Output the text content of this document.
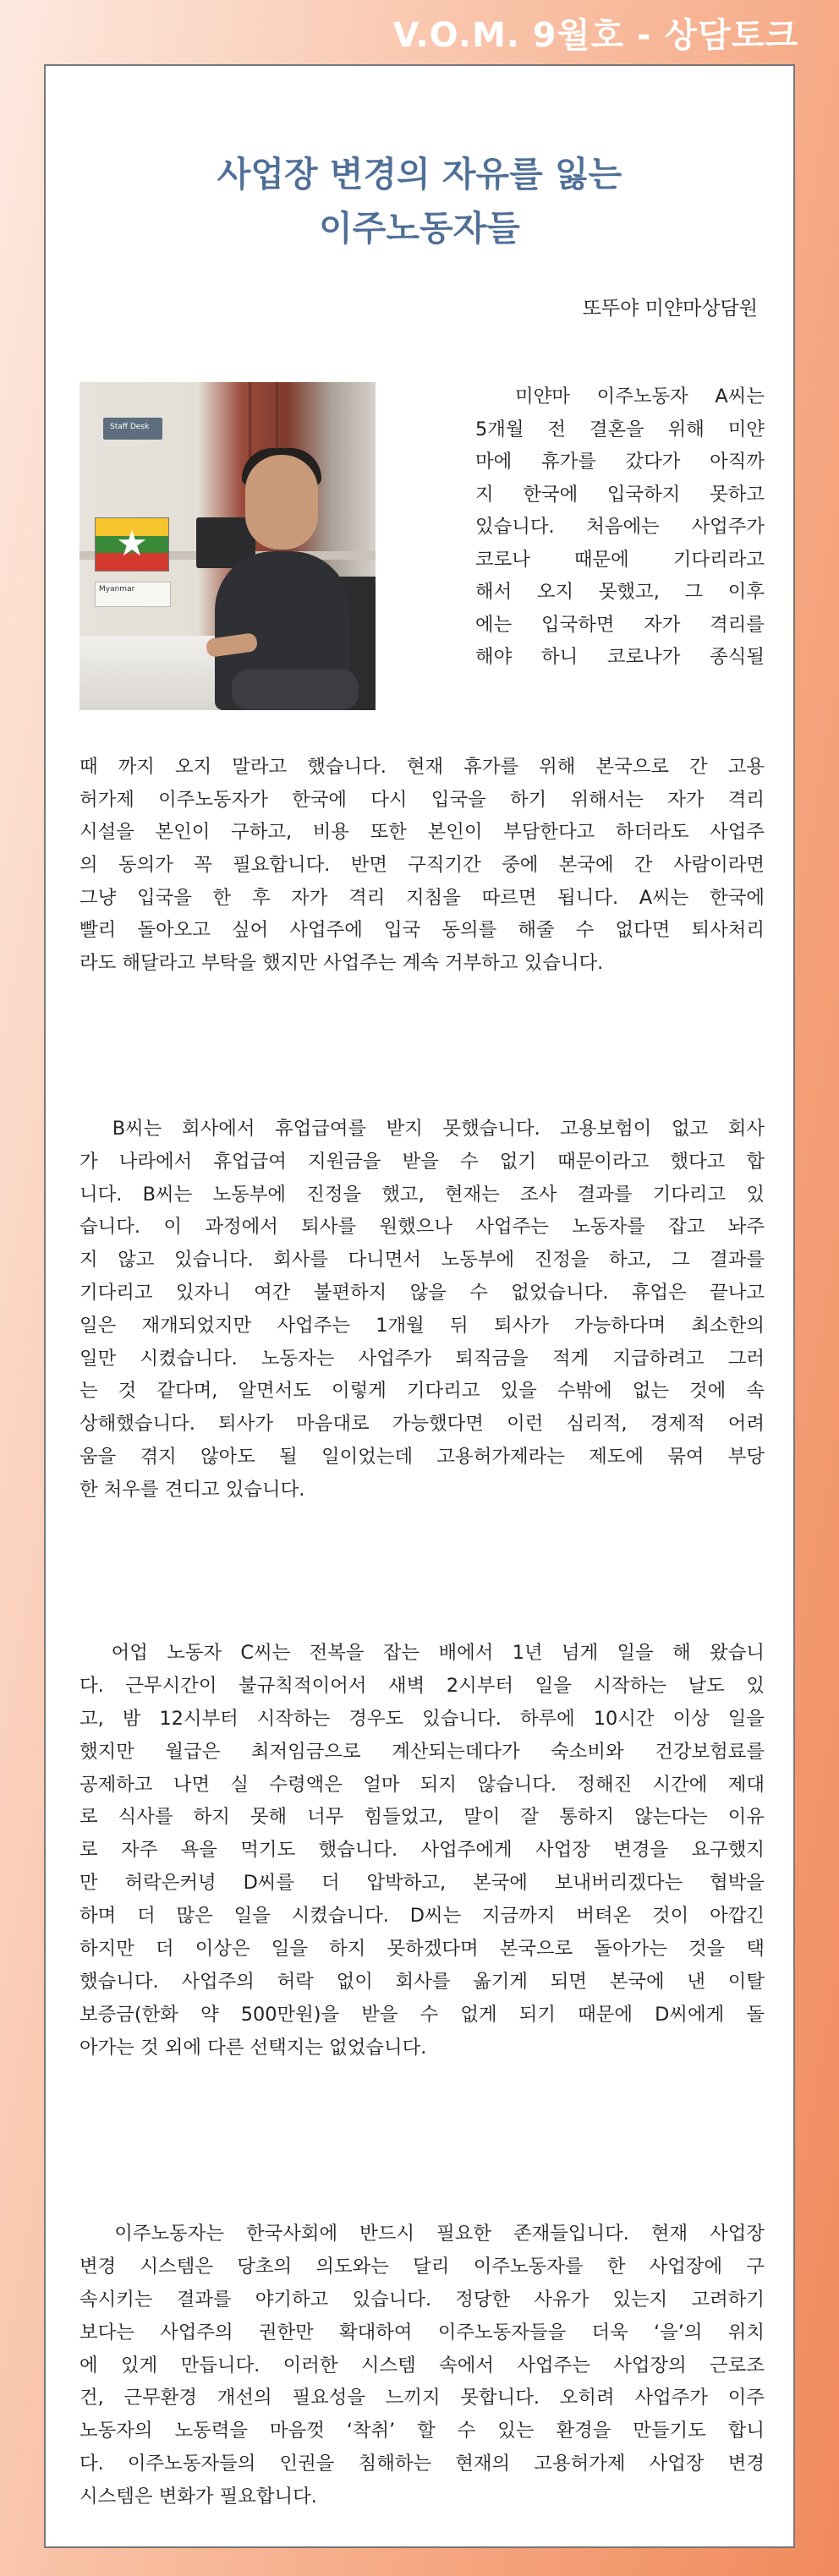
V.O.M. 9월호 - 상담토크
사업장 변경의 자유를 잃는
이주노동자들
또뚜야 미얀마상담원
Staff Desk
★
Myanmar
　미얀마 이주노동자 A씨는
5개월 전 결혼을 위해 미얀
마에 휴가를 갔다가 아직까
지 한국에 입국하지 못하고
있습니다. 처음에는 사업주가
코로나 때문에 기다리라고
해서 오지 못했고, 그 이후
에는 입국하면 자가 격리를
해야 하니 코로나가 종식될
때 까지 오지 말라고 했습니다. 현재 휴가를 위해 본국으로 간 고용
허가제 이주노동자가 한국에 다시 입국을 하기 위해서는 자가 격리
시설을 본인이 구하고, 비용 또한 본인이 부담한다고 하더라도 사업주
의 동의가 꼭 필요합니다. 반면 구직기간 중에 본국에 간 사람이라면
그냥 입국을 한 후 자가 격리 지침을 따르면 됩니다. A씨는 한국에
빨리 돌아오고 싶어 사업주에 입국 동의를 해줄 수 없다면 퇴사처리
라도 해달라고 부탁을 했지만 사업주는 계속 거부하고 있습니다.
　B씨는 회사에서 휴업급여를 받지 못했습니다. 고용보험이 없고 회사
가 나라에서 휴업급여 지원금을 받을 수 없기 때문이라고 했다고 합
니다. B씨는 노동부에 진정을 했고, 현재는 조사 결과를 기다리고 있
습니다. 이 과정에서 퇴사를 원했으나 사업주는 노동자를 잡고 놔주
지 않고 있습니다. 회사를 다니면서 노동부에 진정을 하고, 그 결과를
기다리고 있자니 여간 불편하지 않을 수 없었습니다. 휴업은 끝나고
일은 재개되었지만 사업주는 1개월 뒤 퇴사가 가능하다며 최소한의
일만 시켰습니다. 노동자는 사업주가 퇴직금을 적게 지급하려고 그러
는 것 같다며, 알면서도 이렇게 기다리고 있을 수밖에 없는 것에 속
상해했습니다. 퇴사가 마음대로 가능했다면 이런 심리적, 경제적 어려
움을 겪지 않아도 될 일이었는데 고용허가제라는 제도에 묶여 부당
한 처우를 견디고 있습니다.
　어업 노동자 C씨는 전복을 잡는 배에서 1년 넘게 일을 해 왔습니
다. 근무시간이 불규칙적이어서 새벽 2시부터 일을 시작하는 날도 있
고, 밤 12시부터 시작하는 경우도 있습니다. 하루에 10시간 이상 일을
했지만 월급은 최저임금으로 계산되는데다가 숙소비와 건강보험료를
공제하고 나면 실 수령액은 얼마 되지 않습니다. 정해진 시간에 제대
로 식사를 하지 못해 너무 힘들었고, 말이 잘 통하지 않는다는 이유
로 자주 욕을 먹기도 했습니다. 사업주에게 사업장 변경을 요구했지
만 허락은커녕 D씨를 더 압박하고, 본국에 보내버리겠다는 협박을
하며 더 많은 일을 시켰습니다. D씨는 지금까지 버텨온 것이 아깝긴
하지만 더 이상은 일을 하지 못하겠다며 본국으로 돌아가는 것을 택
했습니다. 사업주의 허락 없이 회사를 옮기게 되면 본국에 낸 이탈
보증금(한화 약 500만원)을 받을 수 없게 되기 때문에 D씨에게 돌
아가는 것 외에 다른 선택지는 없었습니다.
　이주노동자는 한국사회에 반드시 필요한 존재들입니다. 현재 사업장
변경 시스템은 당초의 의도와는 달리 이주노동자를 한 사업장에 구
속시키는 결과를 야기하고 있습니다. 정당한 사유가 있는지 고려하기
보다는 사업주의 권한만 확대하여 이주노동자들을 더욱 ‘을’의 위치
에 있게 만듭니다. 이러한 시스템 속에서 사업주는 사업장의 근로조
건, 근무환경 개선의 필요성을 느끼지 못합니다. 오히려 사업주가 이주
노동자의 노동력을 마음껏 ‘착취’ 할 수 있는 환경을 만들기도 합니
다. 이주노동자들의 인권을 침해하는 현재의 고용허가제 사업장 변경
시스템은 변화가 필요합니다.
